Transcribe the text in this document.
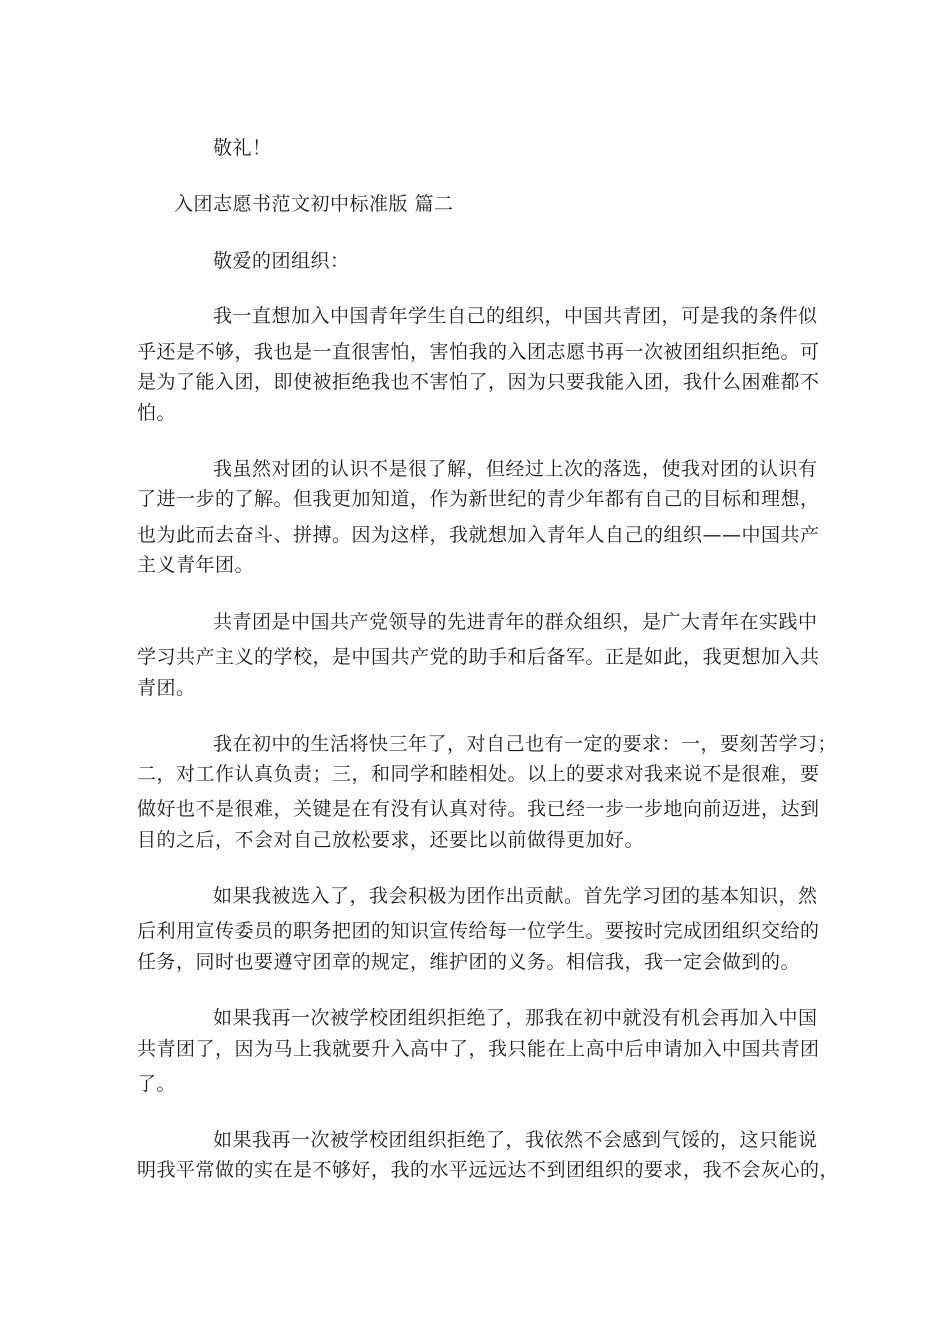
敬礼！
入团志愿书范文初中标准版 篇二
敬爱的团组织：
我一直想加入中国青年学生自己的组织，中国共青团，可是我的条件似
乎还是不够，我也是一直很害怕，害怕我的入团志愿书再一次被团组织拒绝。可
是为了能入团，即使被拒绝我也不害怕了，因为只要我能入团，我什么困难都不
怕。
我虽然对团的认识不是很了解，但经过上次的落选，使我对团的认识有
了进一步的了解。但我更加知道，作为新世纪的青少年都有自己的目标和理想，
也为此而去奋斗、拼搏。因为这样，我就想加入青年人自己的组织——中国共产
主义青年团。
共青团是中国共产党领导的先进青年的群众组织，是广大青年在实践中
学习共产主义的学校，是中国共产党的助手和后备军。正是如此，我更想加入共
青团。
我在初中的生活将快三年了，对自己也有一定的要求：一，要刻苦学习；
二，对工作认真负责；三，和同学和睦相处。以上的要求对我来说不是很难，要
做好也不是很难，关键是在有没有认真对待。我已经一步一步地向前迈进，达到
目的之后，不会对自己放松要求，还要比以前做得更加好。
如果我被选入了，我会积极为团作出贡献。首先学习团的基本知识，然
后利用宣传委员的职务把团的知识宣传给每一位学生。要按时完成团组织交给的
任务，同时也要遵守团章的规定，维护团的义务。相信我，我一定会做到的。
如果我再一次被学校团组织拒绝了，那我在初中就没有机会再加入中国
共青团了，因为马上我就要升入高中了，我只能在上高中后申请加入中国共青团
了。
如果我再一次被学校团组织拒绝了，我依然不会感到气馁的，这只能说
明我平常做的实在是不够好，我的水平远远达不到团组织的要求，我不会灰心的，
